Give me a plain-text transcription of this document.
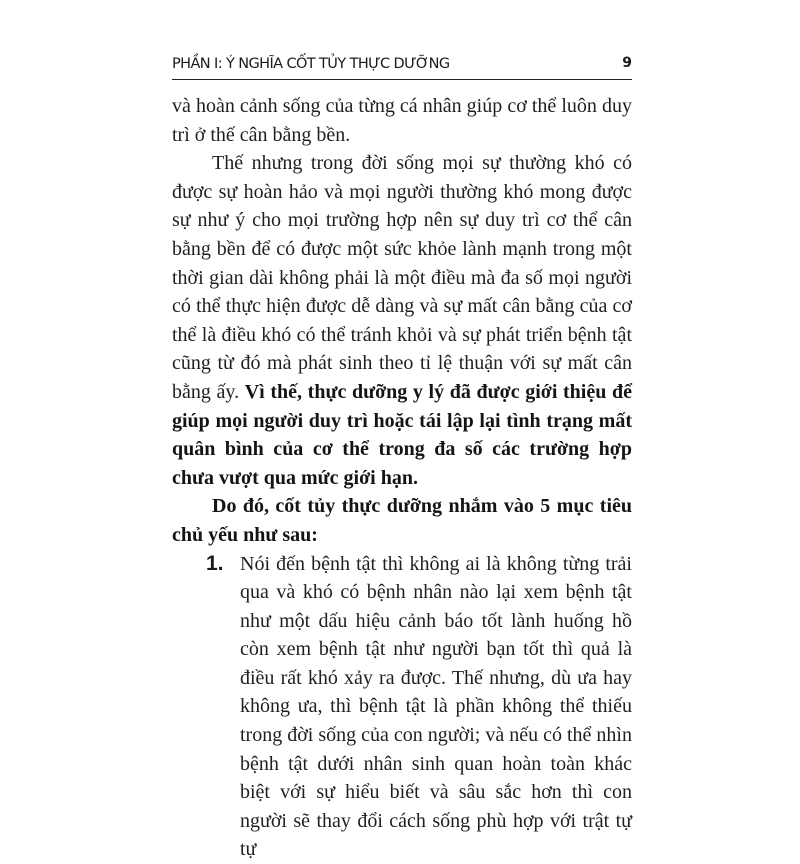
PHẦN I: Ý NGHĨA CỐT TỦY THỰC DƯỠNG	9

và hoàn cảnh sống của từng cá nhân giúp cơ thể luôn duy trì ở thế cân bằng bền.

Thế nhưng trong đời sống mọi sự thường khó có được sự hoàn hảo và mọi người thường khó mong được sự như ý cho mọi trường hợp nên sự duy trì cơ thể cân bằng bền để có được một sức khỏe lành mạnh trong một thời gian dài không phải là một điều mà đa số mọi người có thể thực hiện được dễ dàng và sự mất cân bằng của cơ thể là điều khó có thể tránh khỏi và sự phát triển bệnh tật cũng từ đó mà phát sinh theo tỉ lệ thuận với sự mất cân bằng ấy. Vì thế, thực dưỡng y lý đã được giới thiệu để giúp mọi người duy trì hoặc tái lập lại tình trạng mất quân bình của cơ thể trong đa số các trường hợp chưa vượt qua mức giới hạn.

Do đó, cốt tủy thực dưỡng nhắm vào 5 mục tiêu chủ yếu như sau:

1. Nói đến bệnh tật thì không ai là không từng trải qua và khó có bệnh nhân nào lại xem bệnh tật như một dấu hiệu cảnh báo tốt lành huống hồ còn xem bệnh tật như người bạn tốt thì quả là điều rất khó xảy ra được. Thế nhưng, dù ưa hay không ưa, thì bệnh tật là phần không thể thiếu trong đời sống của con người; và nếu có thể nhìn bệnh tật dưới nhân sinh quan hoàn toàn khác biệt với sự hiểu biết và sâu sắc hơn thì con người sẽ thay đổi cách sống phù hợp với trật tự tự
